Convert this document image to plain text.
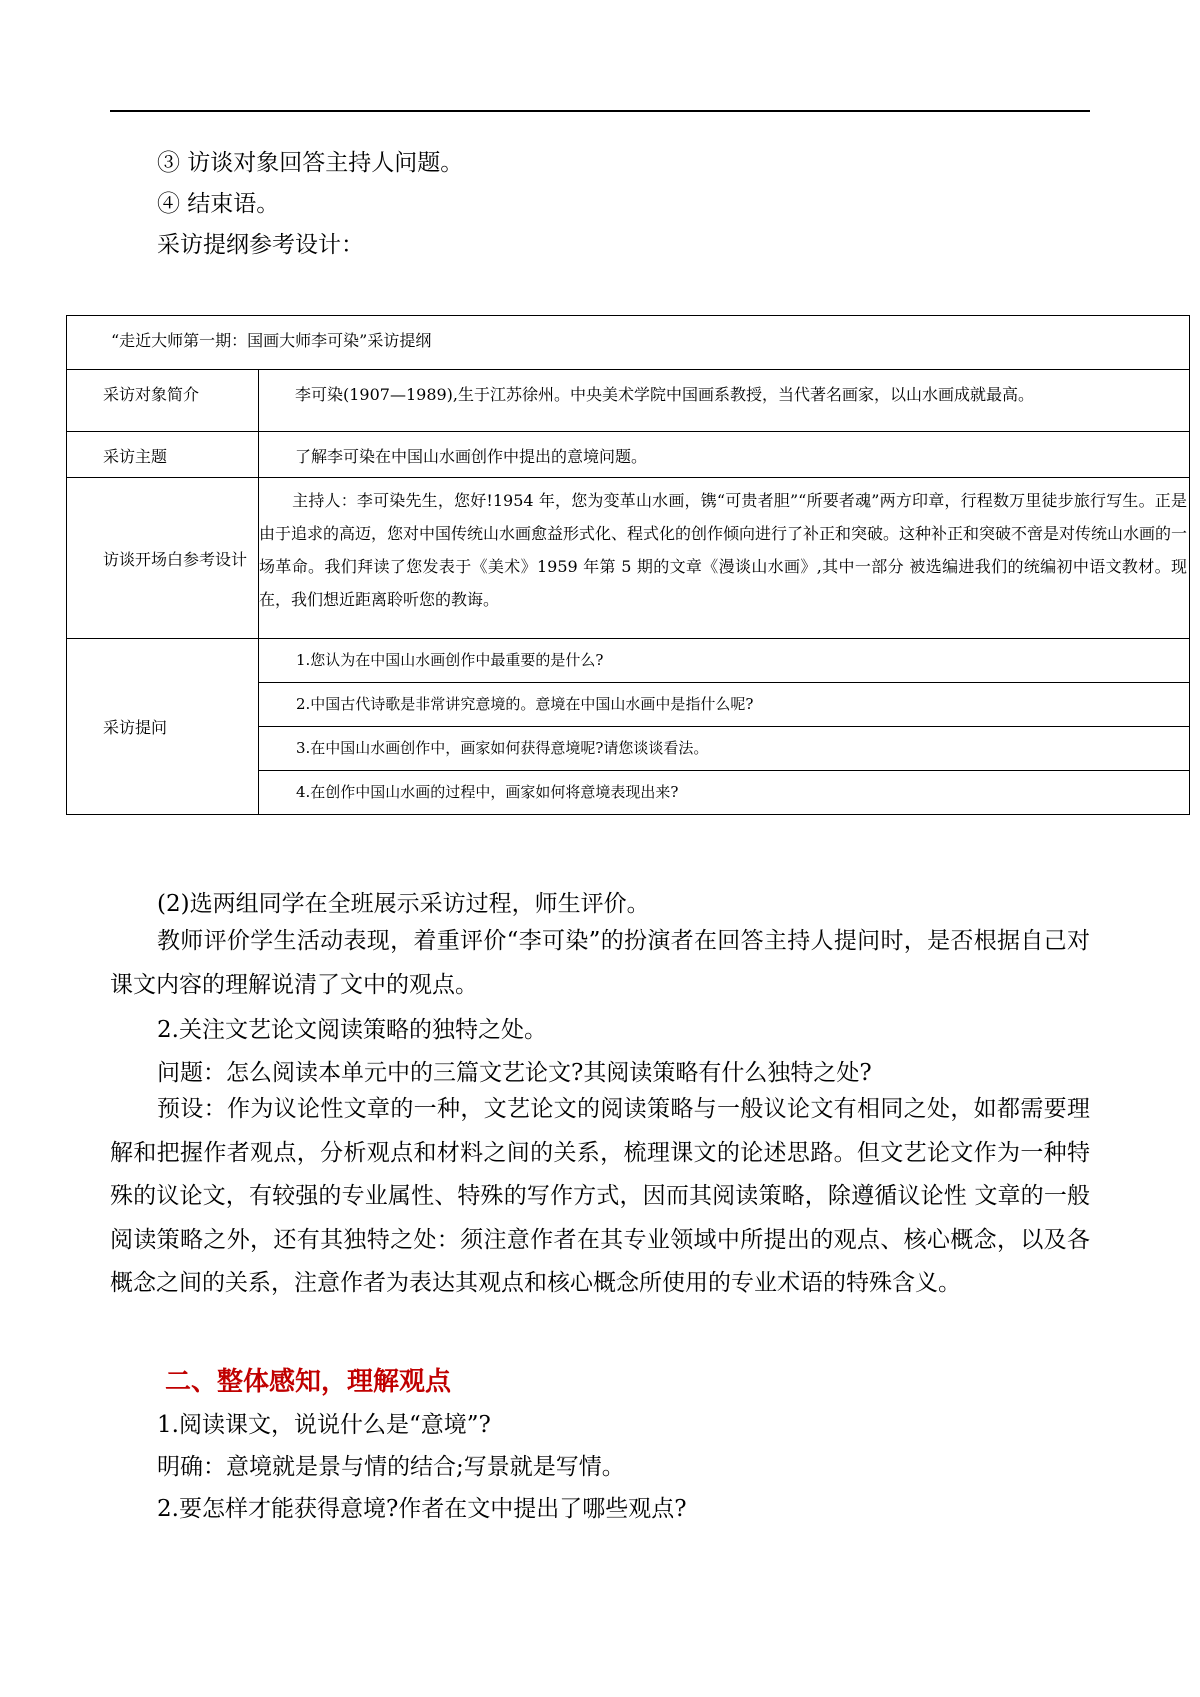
③ 访谈对象回答主持人问题。
④ 结束语。
采访提纲参考设计：
“走近大师第一期：国画大师李可染”采访提纲	
采访对象简介	李可染(1907—1989),生于江苏徐州。中央美术学院中国画系教授，当代著名画家，以山水画成就最高。
采访主题	了解李可染在中国山水画创作中提出的意境问题。
访谈开场白参考设计	主持人：李可染先生，您好!1954 年，您为变革山水画，镌“可贵者胆”“所要者魂”两方印章，行程数万里徒步旅行写生。正是由于追求的高迈，您对中国传统山水画愈益形式化、程式化的创作倾向进行了补正和突破。这种补正和突破不啻是对传统山水画的一 场革命。我们拜读了您发表于《美术》1959 年第 5 期的文章《漫谈山水画》,其中一部分 被选编进我们的统编初中语文教材。现在，我们想近距离聆听您的教诲。
采访提问	1.您认为在中国山水画创作中最重要的是什么?
	2.中国古代诗歌是非常讲究意境的。意境在中国山水画中是指什么呢?
	3.在中国山水画创作中，画家如何获得意境呢?请您谈谈看法。
	4.在创作中国山水画的过程中，画家如何将意境表现出来?
(2)选两组同学在全班展示采访过程，师生评价。
教师评价学生活动表现，着重评价“李可染”的扮演者在回答主持人提问时，是否根据自己对课文内容的理解说清了文中的观点。
2.关注文艺论文阅读策略的独特之处。
问题：怎么阅读本单元中的三篇文艺论文?其阅读策略有什么独特之处?
预设：作为议论性文章的一种，文艺论文的阅读策略与一般议论文有相同之处，如都需要理解和把握作者观点，分析观点和材料之间的关系，梳理课文的论述思路。但文艺论文作为一种特殊的议论文，有较强的专业属性、特殊的写作方式，因而其阅读策略，除遵循议论性 文章的一般阅读策略之外，还有其独特之处：须注意作者在其专业领域中所提出的观点、核心概念，以及各概念之间的关系，注意作者为表达其观点和核心概念所使用的专业术语的特殊含义。
二、整体感知，理解观点
1.阅读课文，说说什么是“意境”?
明确：意境就是景与情的结合;写景就是写情。
2.要怎样才能获得意境?作者在文中提出了哪些观点?
